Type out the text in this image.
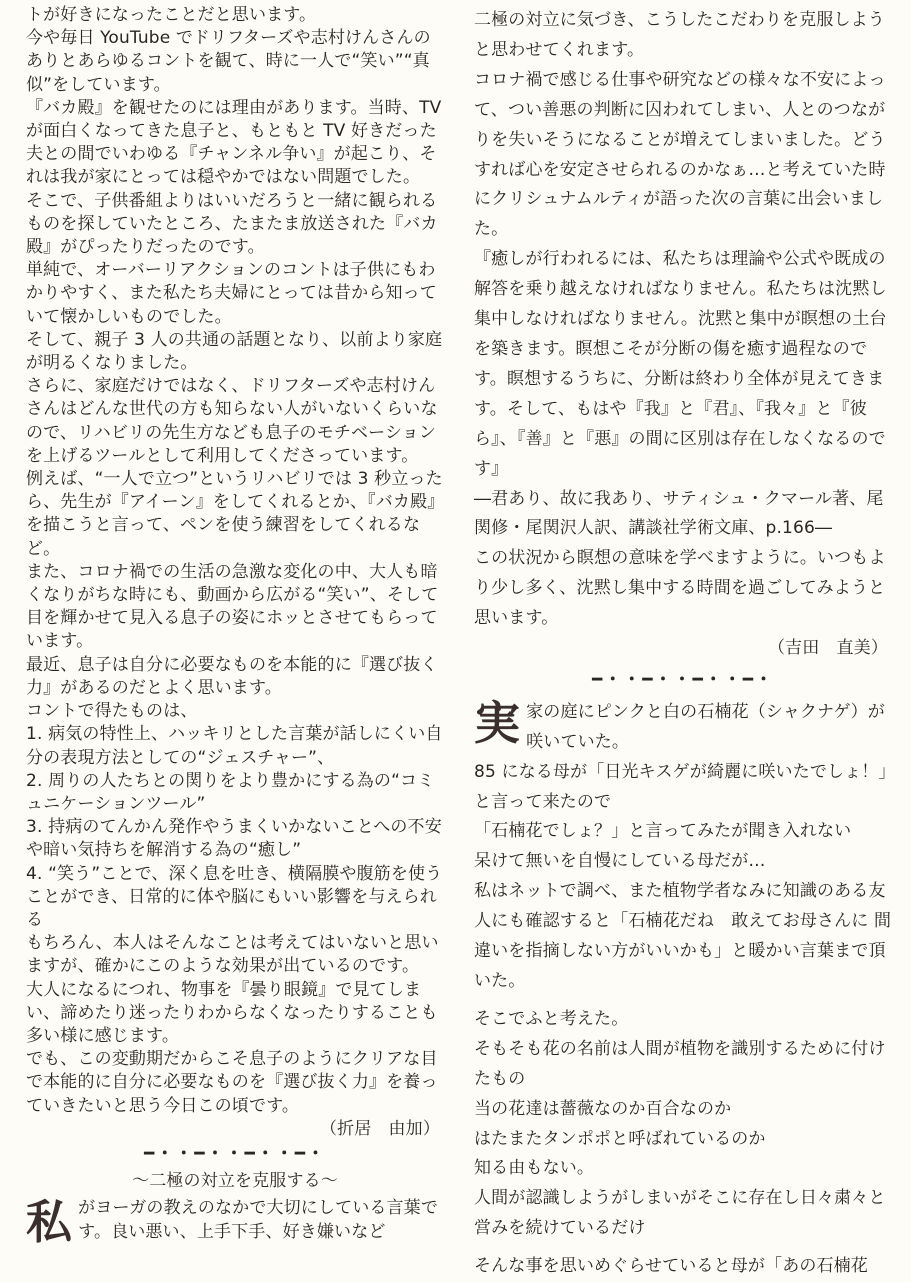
トが好きになったことだと思います。

今や毎日 YouTube でドリフターズや志村けんさんのありとあらゆるコントを観て、時に一人で“笑い”“真似”をしています。

『バカ殿』を観せたのには理由があります。当時、TVが面白くなってきた息子と、もともと TV 好きだった夫との間でいわゆる『チャンネル争い』が起こり、それは我が家にとっては穏やかではない問題でした。

そこで、子供番組よりはいいだろうと一緒に観られるものを探していたところ、たまたま放送された『バカ殿』がぴったりだったのです。

単純で、オーバーリアクションのコントは子供にもわかりやすく、また私たち夫婦にとっては昔から知っていて懐かしいものでした。

そして、親子 3 人の共通の話題となり、以前より家庭が明るくなりました。

さらに、家庭だけではなく、ドリフターズや志村けんさんはどんな世代の方も知らない人がいないくらいなので、リハビリの先生方なども息子のモチベーションを上げるツールとして利用してくださっています。

例えば、“一人で立つ”というリハビリでは 3 秒立ったら、先生が『アイーン』をしてくれるとか、『バカ殿』を描こうと言って、ペンを使う練習をしてくれるなど。

また、コロナ禍での生活の急激な変化の中、大人も暗くなりがちな時にも、動画から広がる“笑い”、そして目を輝かせて見入る息子の姿にホッとさせてもらっています。

最近、息子は自分に必要なものを本能的に『選び抜く力』があるのだとよく思います。

コントで得たものは、

1. 病気の特性上、ハッキリとした言葉が話しにくい自分の表現方法としての“ジェスチャー”、

2. 周りの人たちとの関りをより豊かにする為の“コミュニケーションツール”

3. 持病のてんかん発作やうまくいかないことへの不安や暗い気持ちを解消する為の“癒し”

4. “笑う”ことで、深く息を吐き、横隔膜や腹筋を使うことができ、日常的に体や脳にもいい影響を与えられる

もちろん、本人はそんなことは考えてはいないと思いますが、確かにこのような効果が出ているのです。

大人になるにつれ、物事を『曇り眼鏡』で見てしまい、諦めたり迷ったりわからなくなったりすることも多い様に感じます。

でも、この変動期だからこそ息子のようにクリアな目で本能的に自分に必要なものを『選び抜く力』を養っていきたいと思う今日この頃です。

（折居　由加）

━・・━・・━・・━・

～二極の対立を克服する～

私 がヨーガの教えのなかで大切にしている言葉です。良い悪い、上手下手、好き嫌いなど

二極の対立に気づき、こうしたこだわりを克服しようと思わせてくれます。

コロナ禍で感じる仕事や研究などの様々な不安によって、つい善悪の判断に囚われてしまい、人とのつながりを失いそうになることが増えてしまいました。どうすれば心を安定させられるのかなぁ…と考えていた時にクリシュナムルティが語った次の言葉に出会いました。

『癒しが行われるには、私たちは理論や公式や既成の解答を乗り越えなければなりません。私たちは沈黙し集中しなければなりません。沈黙と集中が瞑想の土台を築きます。瞑想こそが分断の傷を癒す過程なのです。瞑想するうちに、分断は終わり全体が見えてきます。そして、もはや『我』と『君』、『我々』と『彼ら』、『善』と『悪』の間に区別は存在しなくなるのです』

―君あり、故に我あり、サティシュ・クマール著、尾関修・尾関沢人訳、講談社学術文庫、p.166―

この状況から瞑想の意味を学べますように。いつもより少し多く、沈黙し集中する時間を過ごしてみようと思います。

（吉田　直美）

━・・━・・━・・━・

実 家の庭にピンクと白の石楠花（シャクナゲ）が咲いていた。

85 になる母が「日光キスゲが綺麗に咲いたでしょ！」と言って来たので

「石楠花でしょ？」と言ってみたが聞き入れない

呆けて無いを自慢にしている母だが…

私はネットで調べ、また植物学者なみに知識のある友人にも確認すると「石楠花だね　敢えてお母さんに 間違いを指摘しない方がいいかも」と暖かい言葉まで頂いた。

そこでふと考えた。

そもそも花の名前は人間が植物を識別するために付けたもの

当の花達は薔薇なのか百合なのか

はたまたタンポポと呼ばれているのか

知る由もない。

人間が認識しようがしまいがそこに存在し日々粛々と営みを続けているだけ

そんな事を思いめぐらせていると母が「あの石楠花
